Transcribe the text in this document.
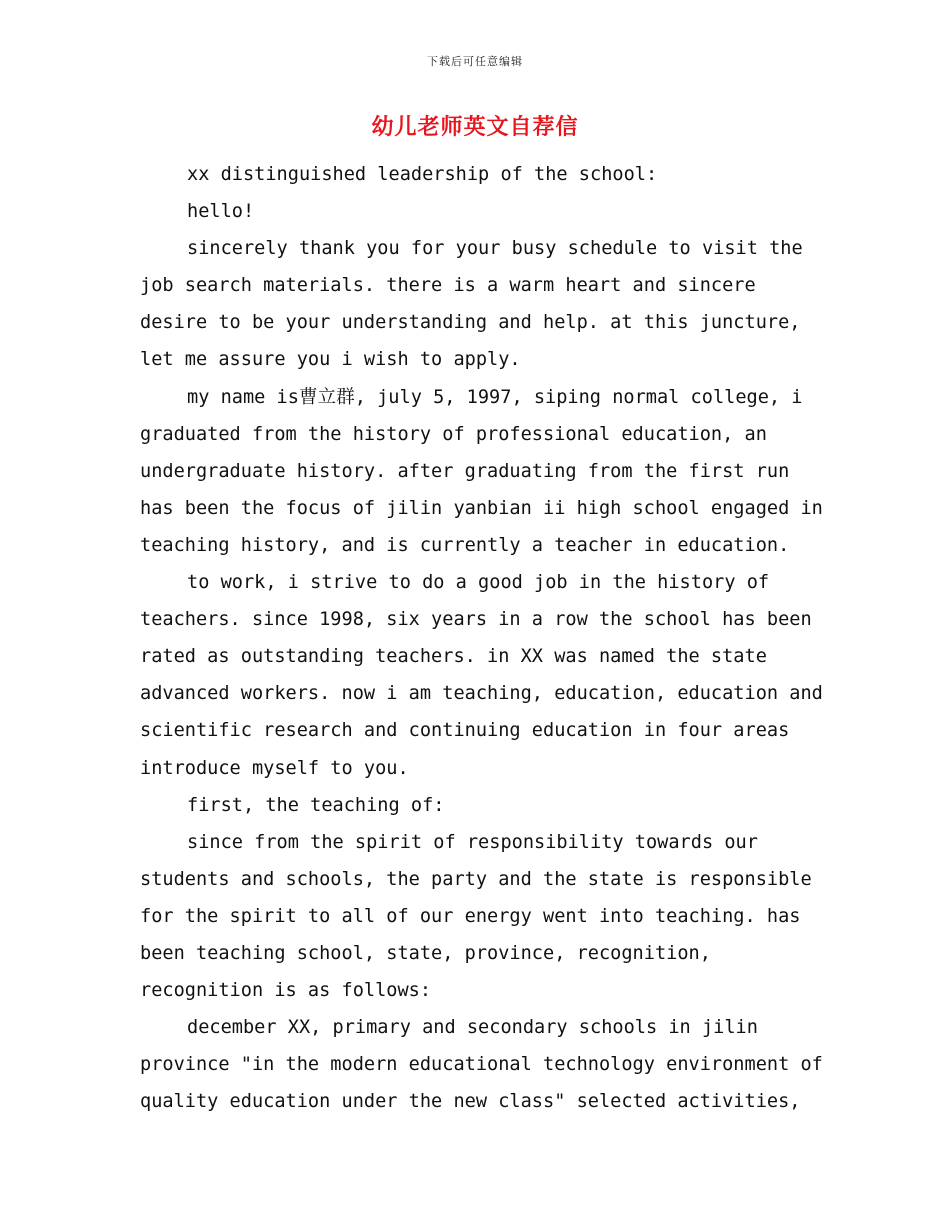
下载后可任意编辑
幼儿老师英文自荐信
xx distinguished leadership of the school:
hello!
sincerely thank you for your busy schedule to visit the
job search materials. there is a warm heart and sincere
desire to be your understanding and help. at this juncture,
let me assure you i wish to apply.
my name is曹立群, july 5, 1997, siping normal college, i
graduated from the history of professional education, an
undergraduate history. after graduating from the first run
has been the focus of jilin yanbian ii high school engaged in
teaching history, and is currently a teacher in education.
to work, i strive to do a good job in the history of
teachers. since 1998, six years in a row the school has been
rated as outstanding teachers. in XX was named the state
advanced workers. now i am teaching, education, education and
scientific research and continuing education in four areas
introduce myself to you.
first, the teaching of:
since from the spirit of responsibility towards our
students and schools, the party and the state is responsible
for the spirit to all of our energy went into teaching. has
been teaching school, state, province, recognition,
recognition is as follows:
december XX, primary and secondary schools in jilin
province "in the modern educational technology environment of
quality education under the new class" selected activities,
